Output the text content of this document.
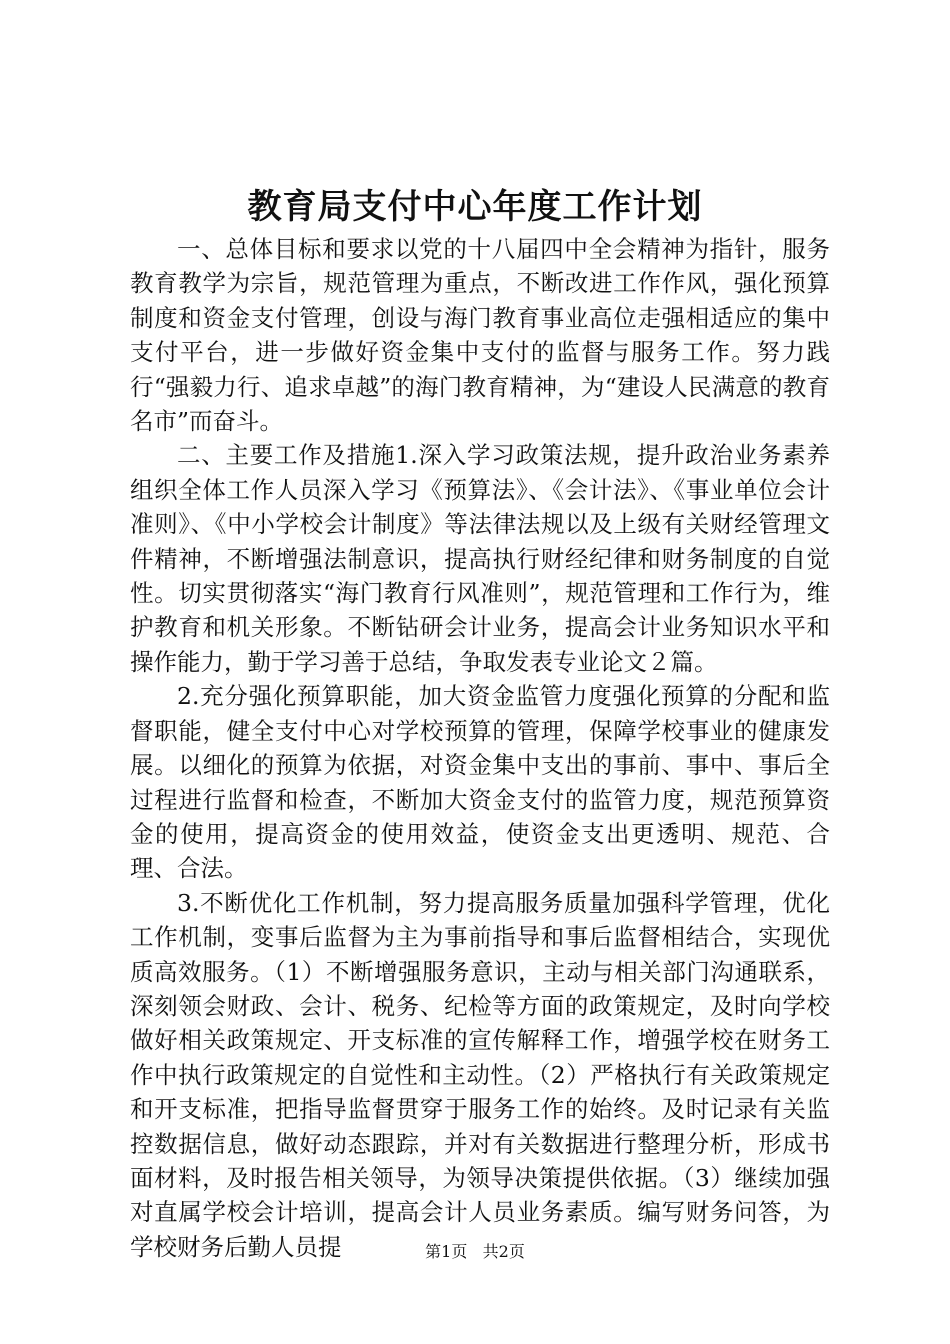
教育局支付中心年度工作计划

一、总体目标和要求以党的十八届四中全会精神为指针，服务教育教学为宗旨，规范管理为重点，不断改进工作作风，强化预算制度和资金支付管理，创设与海门教育事业高位走强相适应的集中支付平台，进一步做好资金集中支付的监督与服务工作。努力践行“强毅力行、追求卓越”的海门教育精神，为“建设人民满意的教育名市”而奋斗。

二、主要工作及措施1.深入学习政策法规，提升政治业务素养组织全体工作人员深入学习《预算法》、《会计法》、《事业单位会计准则》、《中小学校会计制度》等法律法规以及上级有关财经管理文件精神，不断增强法制意识，提高执行财经纪律和财务制度的自觉性。切实贯彻落实“海门教育行风准则”，规范管理和工作行为，维护教育和机关形象。不断钻研会计业务，提高会计业务知识水平和操作能力，勤于学习善于总结，争取发表专业论文２篇。

2.充分强化预算职能，加大资金监管力度强化预算的分配和监督职能，健全支付中心对学校预算的管理，保障学校事业的健康发展。以细化的预算为依据，对资金集中支出的事前、事中、事后全过程进行监督和检查，不断加大资金支付的监管力度，规范预算资金的使用，提高资金的使用效益，使资金支出更透明、规范、合理、合法。

3.不断优化工作机制，努力提高服务质量加强科学管理，优化工作机制，变事后监督为主为事前指导和事后监督相结合，实现优质高效服务。（1）不断增强服务意识，主动与相关部门沟通联系，深刻领会财政、会计、税务、纪检等方面的政策规定，及时向学校做好相关政策规定、开支标准的宣传解释工作，增强学校在财务工作中执行政策规定的自觉性和主动性。（2）严格执行有关政策规定和开支标准，把指导监督贯穿于服务工作的始终。及时记录有关监控数据信息，做好动态跟踪，并对有关数据进行整理分析，形成书面材料，及时报告相关领导，为领导决策提供依据。（3）继续加强对直属学校会计培训，提高会计人员业务素质。编写财务问答，为学校财务后勤人员提	第1页 共2页
